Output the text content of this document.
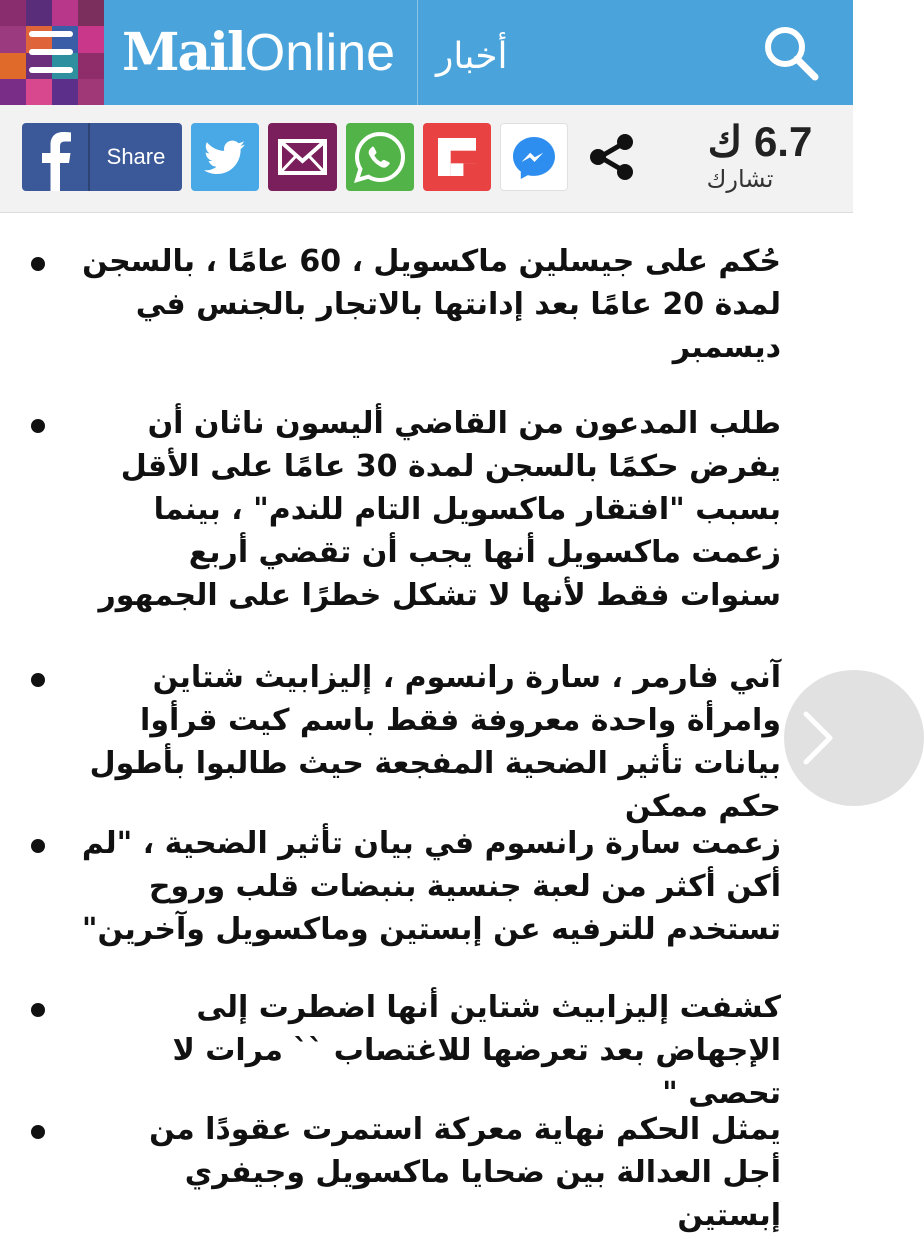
MailOnline أخبار
Share	6.7 ك
تشارك
حُكم على جيسلين ماكسويل ، 60 عامًا ، بالسجن لمدة 20 عامًا بعد إدانتها بالاتجار بالجنس في ديسمبر
طلب المدعون من القاضي أليسون ناثان أن يفرض حكمًا بالسجن لمدة 30 عامًا على الأقل بسبب "افتقار ماكسويل التام للندم" ، بينما زعمت ماكسويل أنها يجب أن تقضي أربع سنوات فقط لأنها لا تشكل خطرًا على الجمهور
آني فارمر ، سارة رانسوم ، إليزابيث شتاين وامرأة واحدة معروفة فقط باسم كيت قرأوا بيانات تأثير الضحية المفجعة حيث طالبوا بأطول حكم ممكن
زعمت سارة رانسوم في بيان تأثير الضحية ، "لم أكن أكثر من لعبة جنسية بنبضات قلب وروح تستخدم للترفيه عن إبستين وماكسويل وآخرين"
كشفت إليزابيث شتاين أنها اضطرت إلى الإجهاض بعد تعرضها للاغتصاب `` مرات لا تحصى "
يمثل الحكم نهاية معركة استمرت عقودًا من أجل العدالة بين ضحايا ماكسويل وجيفري إبستين
